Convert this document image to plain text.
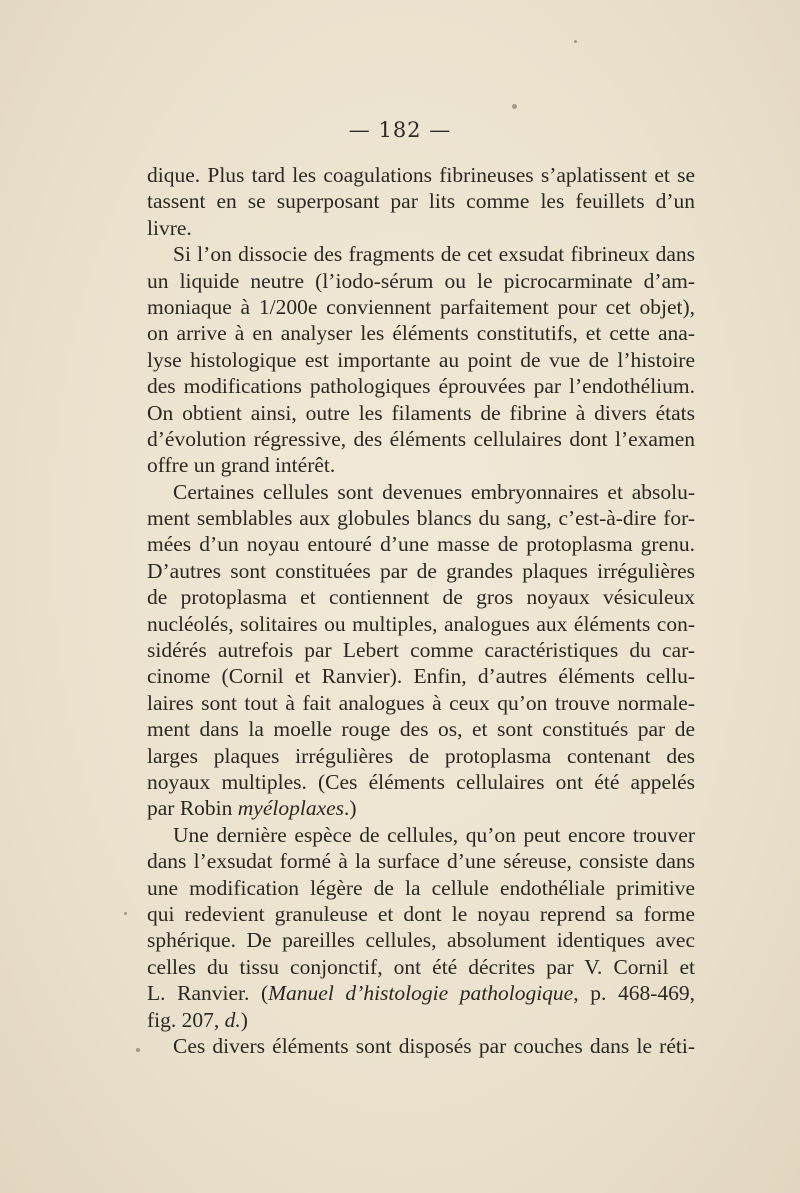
— 182 —
dique. Plus tard les coagulations fibrineuses s’aplatissent et se
tassent en se superposant par lits comme les feuillets d’un
livre.
Si l’on dissocie des fragments de cet exsudat fibrineux dans
un liquide neutre (l’iodo-sérum ou le picrocarminate d’am-
moniaque à 1/200e conviennent parfaitement pour cet objet),
on arrive à en analyser les éléments constitutifs, et cette ana-
lyse histologique est importante au point de vue de l’histoire
des modifications pathologiques éprouvées par l’endothélium.
On obtient ainsi, outre les filaments de fibrine à divers états
d’évolution régressive, des éléments cellulaires dont l’examen
offre un grand intérêt.
Certaines cellules sont devenues embryonnaires et absolu-
ment semblables aux globules blancs du sang, c’est-à-dire for-
mées d’un noyau entouré d’une masse de protoplasma grenu.
D’autres sont constituées par de grandes plaques irrégulières
de protoplasma et contiennent de gros noyaux vésiculeux
nucléolés, solitaires ou multiples, analogues aux éléments con-
sidérés autrefois par Lebert comme caractéristiques du car-
cinome (Cornil et Ranvier). Enfin, d’autres éléments cellu-
laires sont tout à fait analogues à ceux qu’on trouve normale-
ment dans la moelle rouge des os, et sont constitués par de
larges plaques irrégulières de protoplasma contenant des
noyaux multiples. (Ces éléments cellulaires ont été appelés
par Robin myéloplaxes.)
Une dernière espèce de cellules, qu’on peut encore trouver
dans l’exsudat formé à la surface d’une séreuse, consiste dans
une modification légère de la cellule endothéliale primitive
qui redevient granuleuse et dont le noyau reprend sa forme
sphérique. De pareilles cellules, absolument identiques avec
celles du tissu conjonctif, ont été décrites par V. Cornil et
L. Ranvier. (Manuel d’histologie pathologique, p. 468-469,
fig. 207, d.)
Ces divers éléments sont disposés par couches dans le réti-
